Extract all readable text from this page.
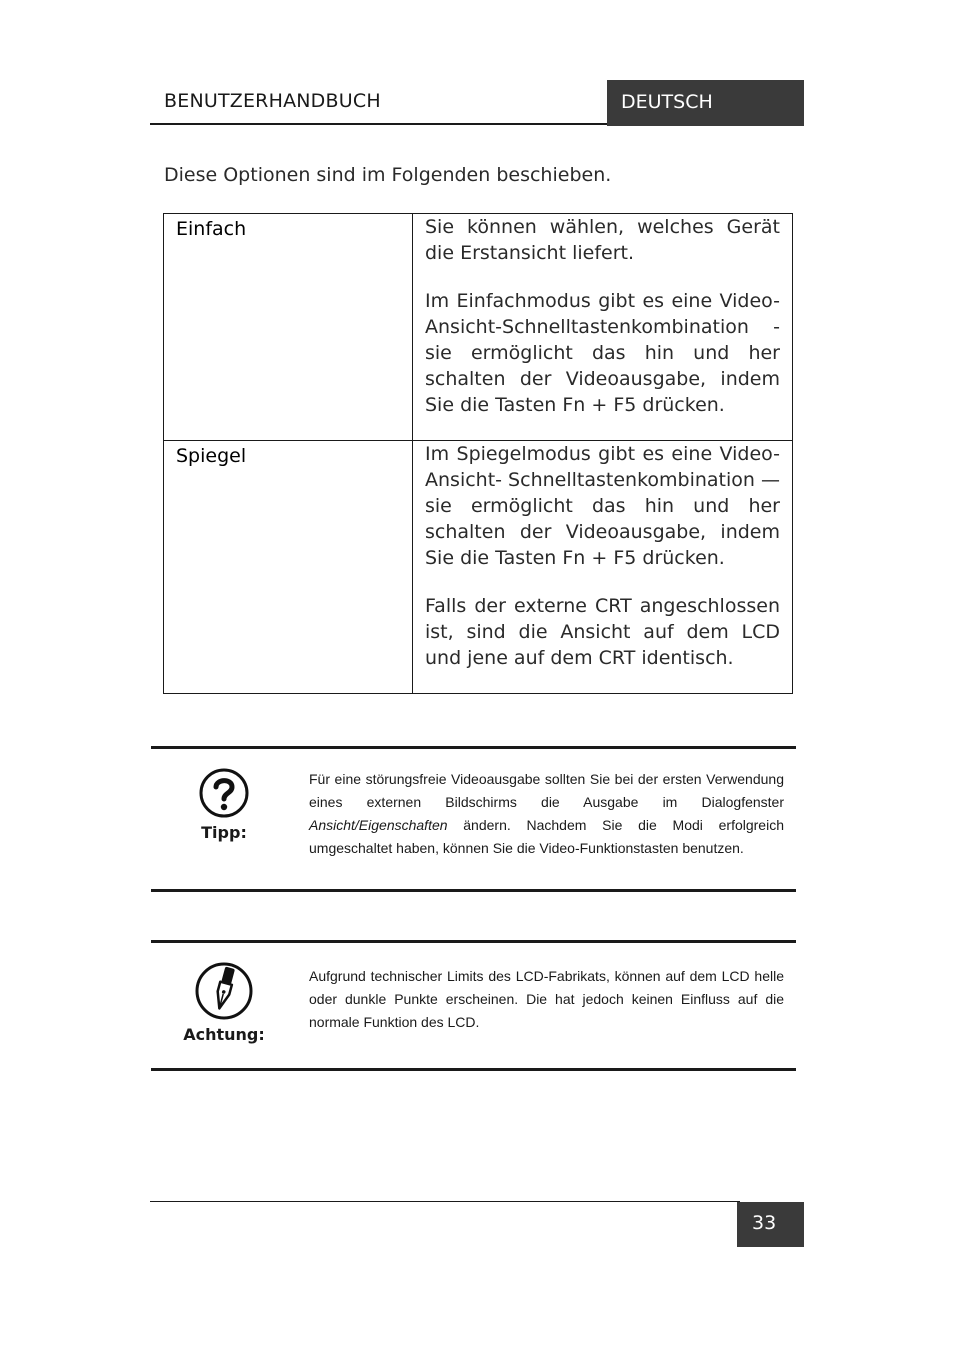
BENUTZERHANDBUCH	DEUTSCH
Diese Optionen sind im Folgenden beschieben.
Einfach	Sie können wählen, welches Gerät die Erstansicht liefert.

Im Einfachmodus gibt es eine Video-Ansicht-Schnelltastenkombination - sie ermöglicht das hin und her schalten der Videoausgabe, indem Sie die Tasten Fn + F5 drücken.

Spiegel	Im Spiegelmodus gibt es eine Video-Ansicht- Schnelltastenkombination — sie ermöglicht das hin und her schalten der Videoausgabe, indem Sie die Tasten Fn + F5 drücken.

Falls der externe CRT angeschlossen ist, sind die Ansicht auf dem LCD und jene auf dem CRT identisch.

Tipp:
Für eine störungsfreie Videoausgabe sollten Sie bei der ersten Verwendung eines externen Bildschirms die Ausgabe im Dialogfenster Ansicht/Eigenschaften ändern. Nachdem Sie die Modi erfolgreich umgeschaltet haben, können Sie die Video-Funktionstasten benutzen.
Achtung:
Aufgrund technischer Limits des LCD-Fabrikats, können auf dem LCD helle oder dunkle Punkte erscheinen. Die hat jedoch keinen Einfluss auf die normale Funktion des LCD.
33
